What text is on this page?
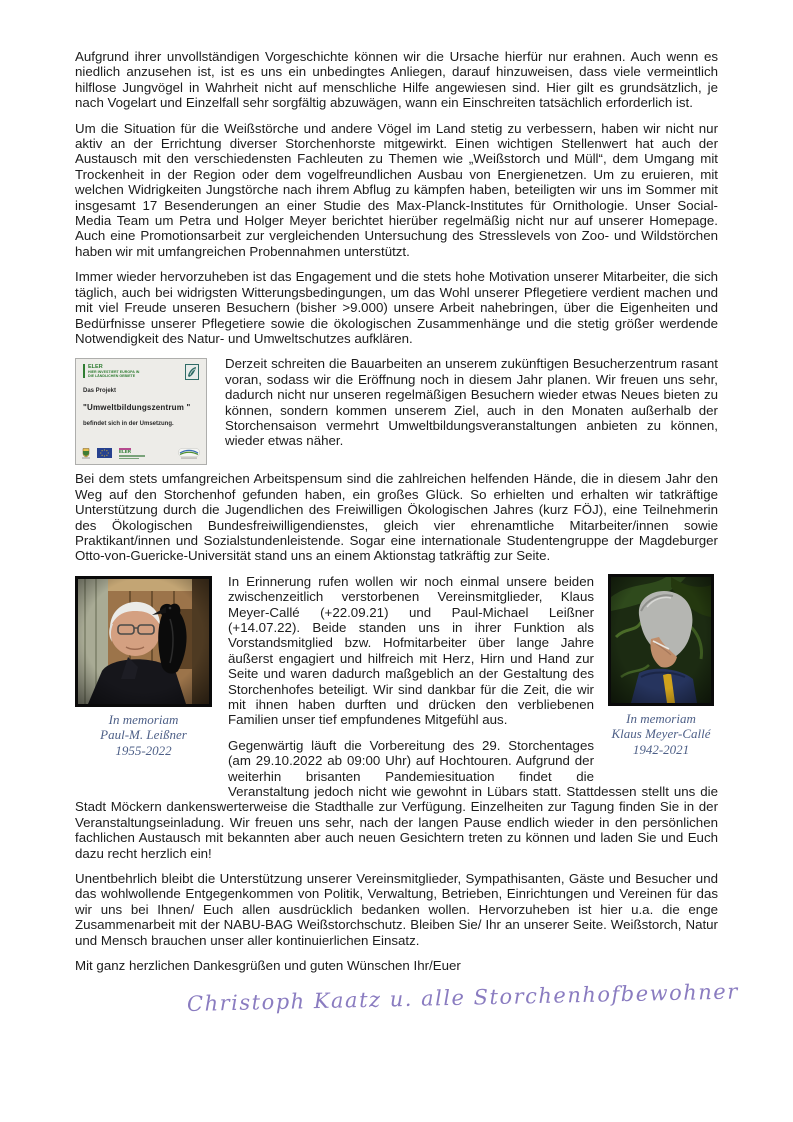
Aufgrund ihrer unvollständigen Vorgeschichte können wir die Ursache hierfür nur erahnen. Auch wenn es niedlich anzusehen ist, ist es uns ein unbedingtes Anliegen, darauf hinzuweisen, dass viele vermeintlich hilflose Jungvögel in Wahrheit nicht auf menschliche Hilfe angewiesen sind. Hier gilt es grundsätzlich, je nach Vogelart und Einzelfall sehr sorgfältig abzuwägen, wann ein Einschreiten tatsächlich erforderlich ist.

Um die Situation für die Weißstörche und andere Vögel im Land stetig zu verbessern, haben wir nicht nur aktiv an der Errichtung diverser Storchenhorste mitgewirkt. Einen wichtigen Stellenwert hat auch der Austausch mit den verschiedensten Fachleuten zu Themen wie „Weißstorch und Müll“, dem Umgang mit Trockenheit in der Region oder dem vogelfreundlichen Ausbau von Energienetzen. Um zu eruieren, mit welchen Widrigkeiten Jungstörche nach ihrem Abflug zu kämpfen haben, beteiligten wir uns im Sommer mit insgesamt 17 Besenderungen an einer Studie des Max-Planck-Institutes für Ornithologie. Unser Social-Media Team um Petra und Holger Meyer berichtet hierüber regelmäßig nicht nur auf unserer Homepage. Auch eine Promotionsarbeit zur vergleichenden Untersuchung des Stresslevels von Zoo- und Wildstörchen haben wir mit umfangreichen Probennahmen unterstützt.

Immer wieder hervorzuheben ist das Engagement und die stets hohe Motivation unserer Mitarbeiter, die sich täglich, auch bei widrigsten Witterungsbedingungen, um das Wohl unserer Pflegetiere verdient machen und mit viel Freude unseren Besuchern (bisher >9.000) unsere Arbeit nahebringen, über die Eigenheiten und Bedürfnisse unserer Pflegetiere sowie die ökologischen Zusammenhänge und die stetig größer werdende Notwendigkeit des Natur- und Umweltschutzes aufklären.

ELER
HIER INVESTIERT EUROPA IN DIE LÄNDLICHEN GEBIETE
Das Projekt
"Umweltbildungszentrum "
befindet sich in der Umsetzung.
ELER

Derzeit schreiten die Bauarbeiten an unserem zukünftigen Besucherzentrum rasant voran, sodass wir die Eröffnung noch in diesem Jahr planen. Wir freuen uns sehr, dadurch nicht nur unseren regelmäßigen Besuchern wieder etwas Neues bieten zu können, sondern kommen unserem Ziel, auch in den Monaten außerhalb der Storchensaison vermehrt Umweltbildungsveranstaltungen anbieten zu können, wieder etwas näher.

Bei dem stets umfangreichen Arbeitspensum sind die zahlreichen helfenden Hände, die in diesem Jahr den Weg auf den Storchenhof gefunden haben, ein großes Glück. So erhielten und erhalten wir tatkräftige Unterstützung durch die Jugendlichen des Freiwilligen Ökologischen Jahres (kurz FÖJ), eine Teilnehmerin des Ökologischen Bundesfreiwilligendienstes, gleich vier ehrenamtliche Mitarbeiter/innen sowie Praktikant/innen und Sozialstundenleistende. Sogar eine internationale Studentengruppe der Magdeburger Otto-von-Guericke-Universität stand uns an einem Aktionstag tatkräftig zur Seite.

In memoriam
Paul-M. Leißner
1955-2022
In memoriam
Klaus Meyer-Callé
1942-2021

In Erinnerung rufen wollen wir noch einmal unsere beiden zwischenzeitlich verstorbenen Vereinsmitglieder, Klaus Meyer-Callé (+22.09.21) und Paul-Michael Leißner (+14.07.22). Beide standen uns in ihrer Funktion als Vorstandsmitglied bzw. Hofmitarbeiter über lange Jahre äußerst engagiert und hilfreich mit Herz, Hirn und Hand zur Seite und waren dadurch maßgeblich an der Gestaltung des Storchenhofes beteiligt. Wir sind dankbar für die Zeit, die wir mit ihnen haben durften und drücken den verbliebenen Familien unser tief empfundenes Mitgefühl aus.

Gegenwärtig läuft die Vorbereitung des 29. Storchentages (am 29.10.2022 ab 09:00 Uhr) auf Hochtouren. Aufgrund der weiterhin brisanten Pandemiesituation findet die Veranstaltung jedoch nicht wie gewohnt in Lübars statt. Stattdessen stellt uns die Stadt Möckern dankenswerterweise die Stadthalle zur Verfügung. Einzelheiten zur Tagung finden Sie in der Veranstaltungseinladung. Wir freuen uns sehr, nach der langen Pause endlich wieder in den persönlichen fachlichen Austausch mit bekannten aber auch neuen Gesichtern treten zu können und laden Sie und Euch dazu recht herzlich ein!

Unentbehrlich bleibt die Unterstützung unserer Vereinsmitglieder, Sympathisanten, Gäste und Besucher und das wohlwollende Entgegenkommen von Politik, Verwaltung, Betrieben, Einrichtungen und Vereinen für das wir uns bei Ihnen/ Euch allen ausdrücklich bedanken wollen. Hervorzuheben ist hier u.a. die enge Zusammenarbeit mit der NABU-BAG Weißstorchschutz. Bleiben Sie/ Ihr an unserer Seite. Weißstorch, Natur und Mensch brauchen unser aller kontinuierlichen Einsatz.

Mit ganz herzlichen Dankesgrüßen und guten Wünschen Ihr/Euer

Christoph Kaatz u. alle Storchenhofbewohner
